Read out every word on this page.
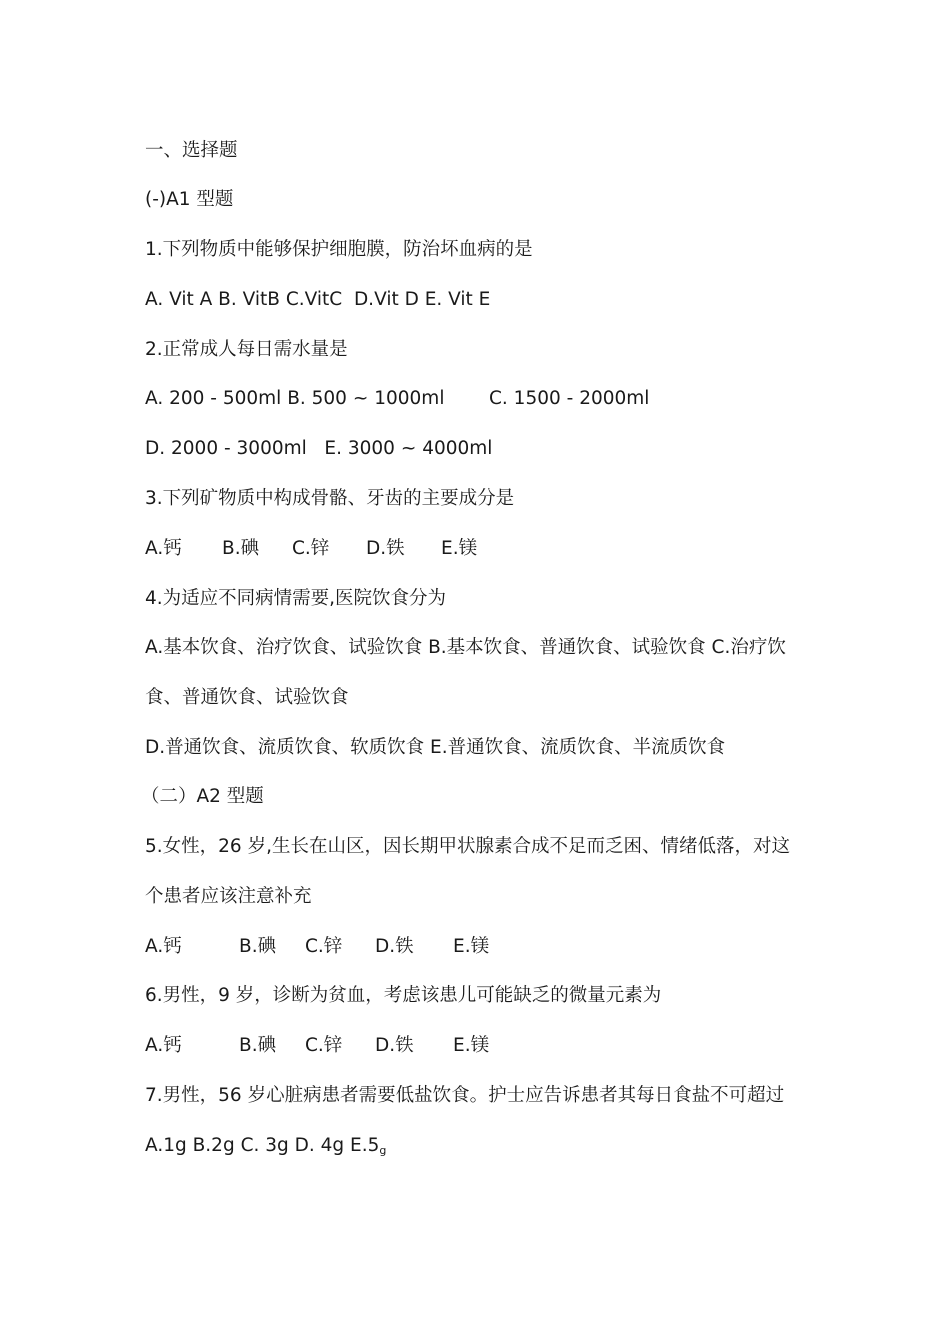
一、选择题
(-)A1 型题
1.下列物质中能够保护细胞膜，防治坏血病的是
A. Vit A B. VitB C.VitC  D.Vit D E. Vit E
2.正常成人每日需水量是

A. 200 - 500ml B. 500 ~ 1000ml

C. 1500 - 2000ml

D. 2000 - 3000ml   E. 3000 ~ 4000ml
3.下列矿物质中构成骨骼、牙齿的主要成分是

A.钙

B.碘

C.锌

D.铁

E.镁

4.为适应不同病情需要,医院饮食分为
A.基本饮食、治疗饮食、试验饮食 B.基本饮食、普通饮食、试验饮食 C.治疗饮
食、普通饮食、试验饮食
D.普通饮食、流质饮食、软质饮食 E.普通饮食、流质饮食、半流质饮食
（二）A2 型题
5.女性，26 岁,生长在山区，因长期甲状腺素合成不足而乏困、情绪低落，对这
个患者应该注意补充

A.钙

	B.碘

C.锌

D.铁

E.镁

6.男性，9 岁，诊断为贫血，考虑该患儿可能缺乏的微量元素为

A.钙

	B.碘

C.锌

D.铁

E.镁

7.男性，56 岁心脏病患者需要低盐饮食。护士应告诉患者其每日食盐不可超过
A.1g B.2g C. 3g D. 4g $E.5_g$
